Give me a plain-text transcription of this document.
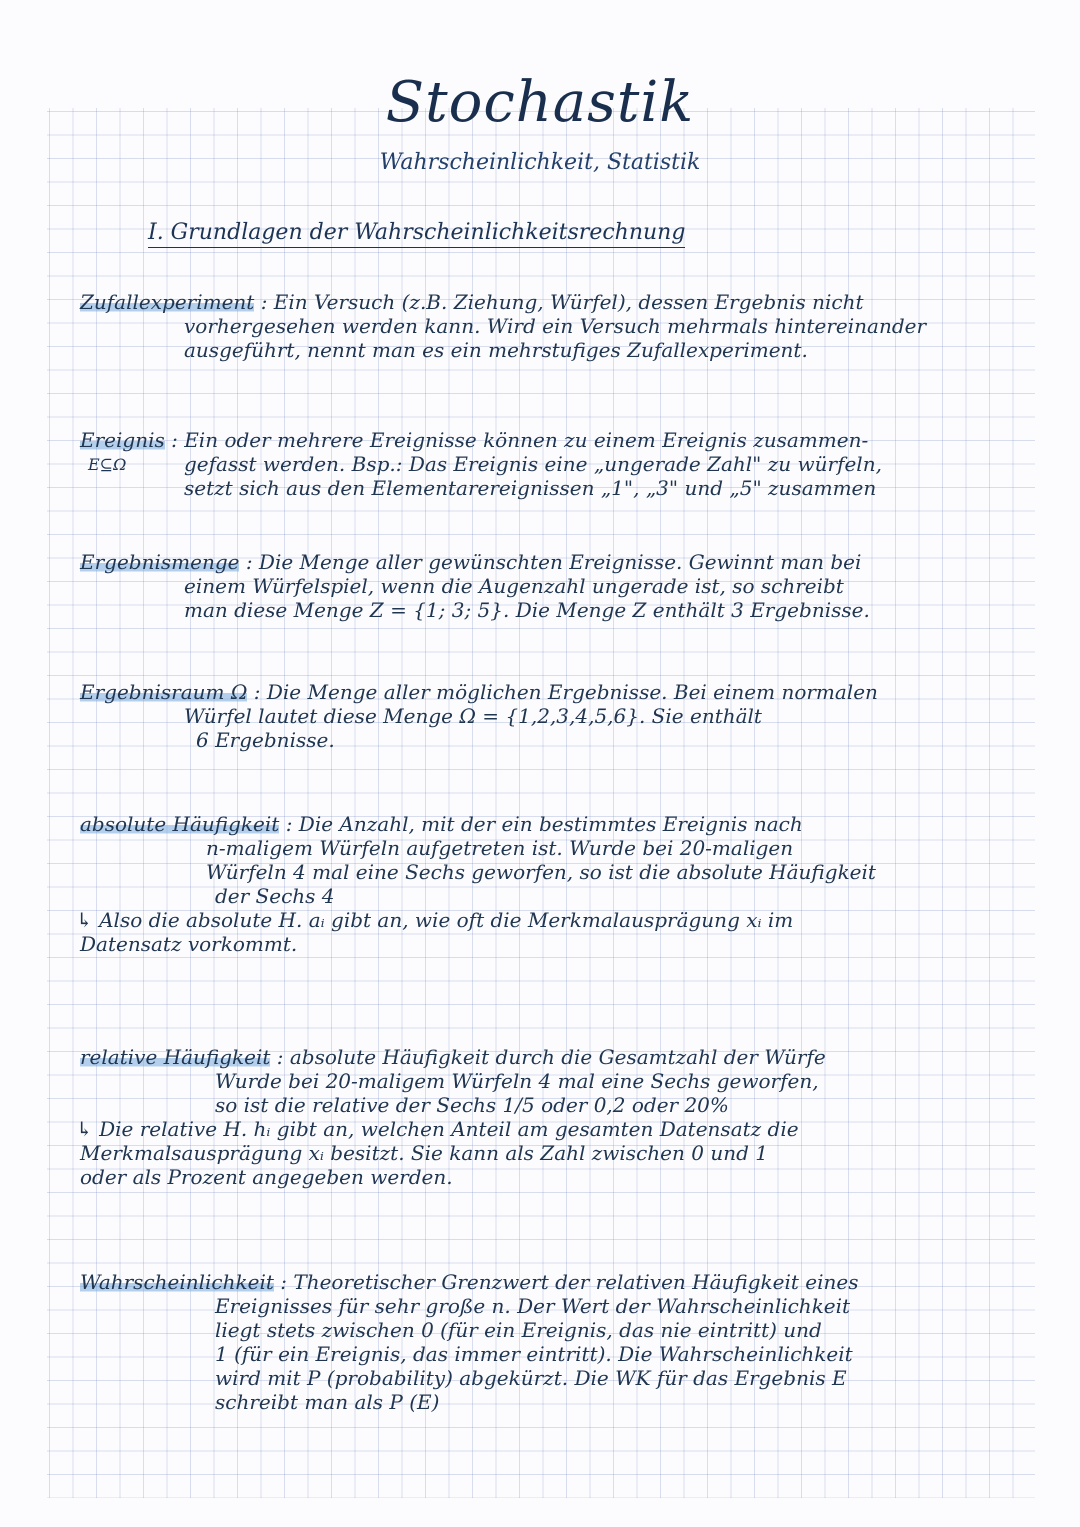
Stochastik
Wahrscheinlichkeit, Statistik
I. Grundlagen der Wahrscheinlichkeitsrechnung
Zufallexperiment : Ein Versuch (z.B. Ziehung, Würfel), dessen Ergebnis nicht
vorhergesehen werden kann. Wird ein Versuch mehrmals hintereinander
ausgeführt, nennt man es ein mehrstufiges Zufallexperiment.
Ereignis : Ein oder mehrere Ereignisse können zu einem Ereignis zusammen-
gefasst werden. Bsp.: Das Ereignis eine „ungerade Zahl" zu würfeln,
setzt sich aus den Elementarereignissen „1", „3" und „5" zusammen
E⊆Ω
Ergebnismenge : Die Menge aller gewünschten Ereignisse. Gewinnt man bei
einem Würfelspiel, wenn die Augenzahl ungerade ist, so schreibt
man diese Menge Z = {1; 3; 5}. Die Menge Z enthält 3 Ergebnisse.
Ergebnisraum Ω : Die Menge aller möglichen Ergebnisse. Bei einem normalen
Würfel lautet diese Menge Ω = {1,2,3,4,5,6}. Sie enthält
6 Ergebnisse.
absolute Häufigkeit : Die Anzahl, mit der ein bestimmtes Ereignis nach
n-maligem Würfeln aufgetreten ist. Wurde bei 20-maligen
Würfeln 4 mal eine Sechs geworfen, so ist die absolute Häufigkeit
der Sechs 4
↳ Also die absolute H. aᵢ gibt an, wie oft die Merkmalausprägung xᵢ im
Datensatz vorkommt.
relative Häufigkeit : absolute Häufigkeit durch die Gesamtzahl der Würfe
Wurde bei 20-maligem Würfeln 4 mal eine Sechs geworfen,
so ist die relative der Sechs 1/5 oder 0,2 oder 20%
↳ Die relative H. hᵢ gibt an, welchen Anteil am gesamten Datensatz die
Merkmalsausprägung xᵢ besitzt. Sie kann als Zahl zwischen 0 und 1
oder als Prozent angegeben werden.
Wahrscheinlichkeit : Theoretischer Grenzwert der relativen Häufigkeit eines
Ereignisses für sehr große n. Der Wert der Wahrscheinlichkeit
liegt stets zwischen 0 (für ein Ereignis, das nie eintritt) und
1 (für ein Ereignis, das immer eintritt). Die Wahrscheinlichkeit
wird mit P (probability) abgekürzt. Die WK für das Ergebnis E
schreibt man als P (E)
